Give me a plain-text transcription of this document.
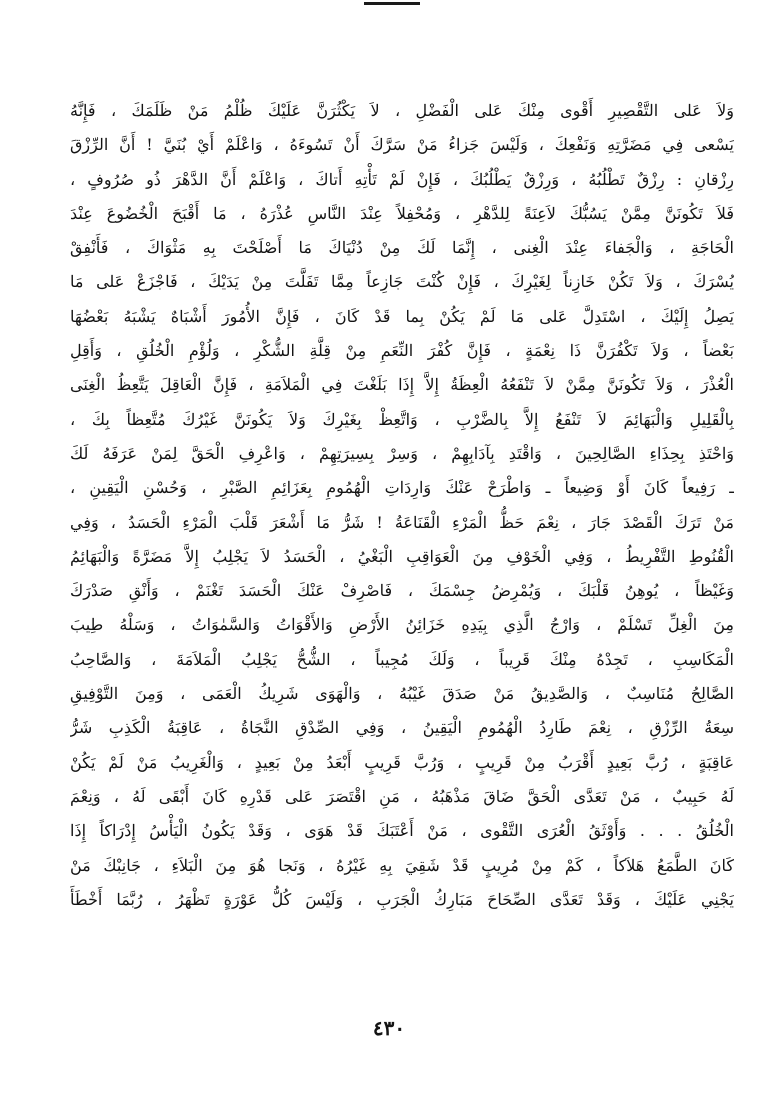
وَلاَ عَلى التَّقْصِيرِ أَقْوى مِنْكَ عَلى الْفَضْلِ ، لاَ يَكْثُرَنَّ عَلَيْكَ ظُلْمُ مَنْ ظَلَمَكَ ، فَإِنَّهُ
يَسْعى فِي مَضَرَّتِهِ وَنَفْعِكَ ، وَلَيْسَ جَزاءُ مَنْ سَرَّكَ أَنْ تَسُوءَهُ ، وَاعْلَمْ أَيْ بُنَيَّ ! أَنَّ الرِّزْقَ
رِزْقانِ : رِزْقٌ تَطْلُبُهُ ، وَرِزْقٌ يَطْلُبُكَ ، فَإِنْ لَمْ تَأْتِهِ أَتاكَ ، وَاعْلَمْ أَنَّ الدَّهْرَ ذُو صُرُوفٍ ،
فَلاَ تَكُونَنَّ مِمَّنْ يَسُبُّكَ لاَعِنَةً لِلدَّهْرِ ، وَمُحْفِلاً عِنْدَ النَّاسِ عُذْرَهُ ، مَا أَقْبَحَ الْخُضُوعَ عِنْدَ
الْحَاجَةِ ، وَالْجَفاءَ عِنْدَ الْغِنى ، إِنَّمَا لَكَ مِنْ دُنْيَاكَ مَا أَصْلَحْتَ بِهِ مَثْوَاكَ ، فَأَنْفِقْ
يُسْرَكَ ، وَلاَ تَكُنْ خَازِناً لِغَيْرِكَ ، فَإِنْ كُنْتَ جَازِعاً مِمَّا تَفَلَّتَ مِنْ يَدَيْكَ ، فَاجْزَعْ عَلى مَا
يَصِلُ إِلَيْكَ ، اسْتَدِلَّ عَلى مَا لَمْ يَكُنْ بِما قَدْ كَانَ ، فَإِنَّ الأُمُورَ أَشْبَاهٌ يَشْبَهُ بَعْضُهَا
بَعْضاً ، وَلاَ تَكْفُرَنَّ ذَا نِعْمَةٍ ، فَإِنَّ كُفْرَ النِّعَمِ مِنْ قِلَّةِ الشُّكْرِ ، وَلُؤْمِ الْخُلُقِ ، وَأَقِلِ
الْعُذْرَ ، وَلاَ تَكُونَنَّ مِمَّنْ لاَ تَنْفَعُهُ الْعِظَةُ إِلاَّ إِذَا بَلَغْتَ فِي الْمَلاَمَةِ ، فَإِنَّ الْعَاقِلَ يَتَّعِظُ الْغِنَى
بِالْقَلِيلِ وَالْبَهَائِمَ لاَ تَنْفَعُ إِلاَّ بِالضَّرْبِ ، وَاتَّعِظْ بِغَيْرِكَ وَلاَ يَكُونَنَّ غَيْرُكَ مُتَّعِظاً بِكَ ،
وَاحْتَذِ بِحِذَاءِ الصَّالِحِينَ ، وَاقْتَدِ بِآدَابِهِمْ ، وَسِرْ بِسِيرَتِهِمْ ، وَاعْرِفِ الْحَقَّ لِمَنْ عَرَفَهُ لَكَ
ـ رَفِيعاً كَانَ أَوْ وَضِيعاً ـ وَاطْرَحْ عَنْكَ وَارِدَاتِ الْهُمُومِ بِعَزَائِمِ الصَّبْرِ ، وَحُسْنِ الْيَقِينِ ،
مَنْ تَرَكَ الْقَصْدَ جَارَ ، نِعْمَ حَظُّ الْمَرْءِ الْقَنَاعَةُ ! شَرُّ مَا أَشْعَرَ قَلْبَ الْمَرْءِ الْحَسَدُ ، وَفِي
الْقُنُوطِ التَّفْرِيطُ ، وَفِي الْخَوْفِ مِنَ الْعَوَاقِبِ الْبَغْيُ ، الْحَسَدُ لاَ يَجْلِبُ إِلاَّ مَضَرَّةً وَالْبَهَائِمُ
وَغَيْظاً ، يُوهِنُ قَلْبَكَ ، وَيُمْرِضُ جِسْمَكَ ، فَاصْرِفْ عَنْكَ الْحَسَدَ تَغْنَمْ ، وَأَنْقِ صَدْرَكَ
مِنَ الْغِلِّ تَسْلَمْ ، وَارْجُ الَّذِي بِيَدِهِ خَزَائِنُ الأَرْضِ وَالأَقْوَاتُ وَالسَّمٰوَاتُ ، وَسَلْهُ طِيبَ
الْمَكَاسِبِ ، تَجِدْهُ مِنْكَ قَرِيباً ، وَلَكَ مُجِيباً ، الشُّحُّ يَجْلِبُ الْمَلاَمَةَ ، وَالصَّاحِبُ
الصَّالِحُ مُنَاسِبٌ ، وَالصَّدِيقُ مَنْ صَدَقَ غَيْبُهُ ، وَالْهَوَى شَرِيكُ الْعَمَى ، وَمِنَ التَّوْفِيقِ
سِعَةُ الرِّزْقِ ، نِعْمَ طَارِدُ الْهُمُومِ الْيَقِينُ ، وَفِي الصِّدْقِ النَّجَاةُ ، عَاقِبَةُ الْكَذِبِ شَرُّ
عَاقِبَةٍ ، رُبَّ بَعِيدٍ أَقْرَبُ مِنْ قَرِيبٍ ، وَرُبَّ قَرِيبٍ أَبْعَدُ مِنْ بَعِيدٍ ، وَالْغَرِيبُ مَنْ لَمْ يَكُنْ
لَهُ حَبِيبٌ ، مَنْ تَعَدَّى الْحَقَّ ضَاقَ مَذْهَبُهُ ، مَنِ اقْتَصَرَ عَلى قَدْرِهِ كَانَ أَبْقَى لَهُ ، وَنِعْمَ
الْخُلُقُ . . . وَأَوْثَقُ الْعُرَى التَّقْوى ، مَنْ أَعْتَبَكَ قَدْ هَوَى ، وَقَدْ يَكُونُ الْيَأْسُ إِدْرَاكاً إِذَا
كَانَ الطَّمَعُ هَلاَكاً ، كَمْ مِنْ مُرِيبٍ قَدْ شَقِيَ بِهِ غَيْرُهُ ، وَنَجا هُوَ مِنَ الْبَلاَءِ ، جَانِبْكَ مَنْ
يَجْنِي عَلَيْكَ ، وَقَدْ تَعَدَّى الصِّحَاحَ مَبَارِكُ الْجَرَبِ ، وَلَيْسَ كُلُّ عَوْرَةٍ تَظْهَرُ ، رُبَّمَا أَخْطَأَ
٤٣٠
